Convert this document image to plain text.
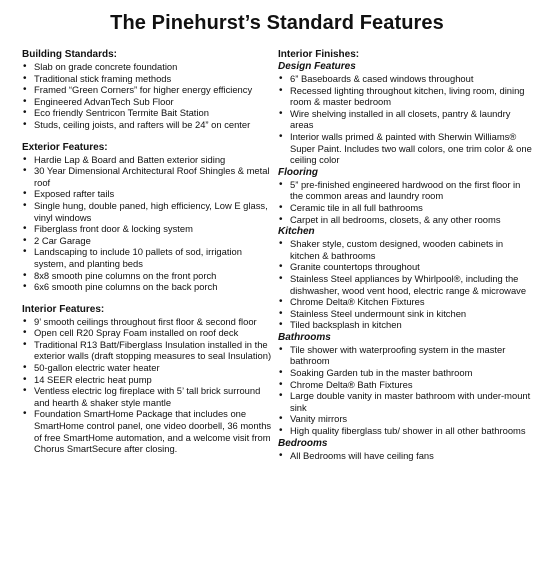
The Pinehurst’s Standard Features
Building Standards:
• Slab on grade concrete foundation
• Traditional stick framing methods
• Framed “Green Corners” for higher energy efficiency
• Engineered AdvanTech Sub Floor
• Eco friendly Sentricon Termite Bait Station
• Studs, ceiling joists, and rafters will be 24” on center
Exterior Features:
• Hardie Lap & Board and Batten exterior siding
• 30 Year Dimensional Architectural Roof Shingles & metal roof
• Exposed rafter tails
• Single hung, double paned, high efficiency, Low E glass, vinyl windows
• Fiberglass front door & locking system
• 2 Car Garage
• Landscaping to include 10 pallets of sod, irrigation system, and planting beds
• 8x8 smooth pine columns on the front porch
• 6x6 smooth pine columns on the back porch
Interior Features:
• 9’ smooth ceilings throughout first floor & second floor
• Open cell R20 Spray Foam installed on roof deck
• Traditional R13 Batt/Fiberglass Insulation installed in the exterior walls (draft stopping measures to seal Insulation)
• 50-gallon electric water heater
• 14 SEER electric heat pump
• Ventless electric log fireplace with 5’ tall brick surround and hearth & shaker style mantle
• Foundation SmartHome Package that includes one SmartHome control panel, one video doorbell, 36 months of free SmartHome automation, and a welcome visit from Chorus SmartSecure after closing.
Interior Finishes:
Design Features
• 6” Baseboards & cased windows throughout
• Recessed lighting throughout kitchen, living room, dining room & master bedroom
• Wire shelving installed in all closets, pantry & laundry areas
• Interior walls primed & painted with Sherwin Williams® Super Paint. Includes two wall colors, one trim color & one ceiling color
Flooring
• 5” pre-finished engineered hardwood on the first floor in the common areas and laundry room
• Ceramic tile in all full bathrooms
• Carpet in all bedrooms, closets, & any other rooms
Kitchen
• Shaker style, custom designed, wooden cabinets in kitchen & bathrooms
• Granite countertops throughout
• Stainless Steel appliances by Whirlpool®, including the dishwasher, wood vent hood, electric range & microwave
• Chrome Delta® Kitchen Fixtures
• Stainless Steel undermount sink in kitchen
• Tiled backsplash in kitchen
Bathrooms
• Tile shower with waterproofing system in the master bathroom
• Soaking Garden tub in the master bathroom
• Chrome Delta® Bath Fixtures
• Large double vanity in master bathroom with under-mount sink
• Vanity mirrors
• High quality fiberglass tub/ shower in all other bathrooms
Bedrooms
• All Bedrooms will have ceiling fans
